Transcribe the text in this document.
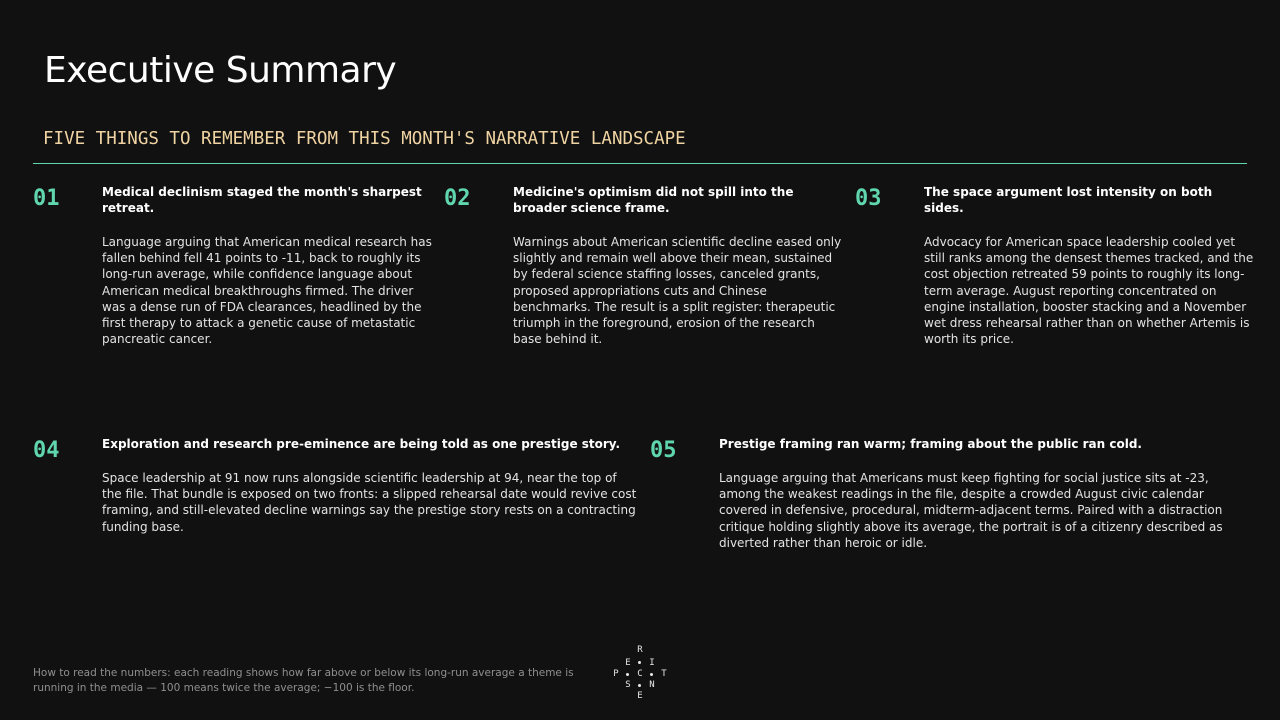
Executive Summary
FIVE THINGS TO REMEMBER FROM THIS MONTH'S NARRATIVE LANDSCAPE
01	Medical declinism staged the month's sharpest retreat.

Language arguing that American medical research has fallen behind fell 41 points to -11, back to roughly its long-run average, while confidence language about American medical breakthroughs firmed. The driver was a dense run of FDA clearances, headlined by the first therapy to attack a genetic cause of metastatic pancreatic cancer.

02	Medicine's optimism did not spill into the broader science frame.

Warnings about American scientific decline eased only slightly and remain well above their mean, sustained by federal science staffing losses, canceled grants, proposed appropriations cuts and Chinese benchmarks. The result is a split register: therapeutic triumph in the foreground, erosion of the research base behind it.

03	The space argument lost intensity on both sides.

Advocacy for American space leadership cooled yet still ranks among the densest themes tracked, and the cost objection retreated 59 points to roughly its long-term average. August reporting concentrated on engine installation, booster stacking and a November wet dress rehearsal rather than on whether Artemis is worth its price.

04	Exploration and research pre-eminence are being told as one prestige story.

Space leadership at 91 now runs alongside scientific leadership at 94, near the top of the file. That bundle is exposed on two fronts: a slipped rehearsal date would revive cost framing, and still-elevated decline warnings say the prestige story rests on a contracting funding base.

05	Prestige framing ran warm; framing about the public ran cold.

Language arguing that Americans must keep fighting for social justice sits at -23, among the weakest readings in the file, despite a crowded August civic calendar covered in defensive, procedural, midterm-adjacent terms. Paired with a distraction critique holding slightly above its average, the portrait is of a citizenry described as diverted rather than heroic or idle.

How to read the numbers: each reading shows how far above or below its long-run average a theme is running in the media — 100 means twice the average; −100 is the floor.
R
E I
C
P	T
S N
E
